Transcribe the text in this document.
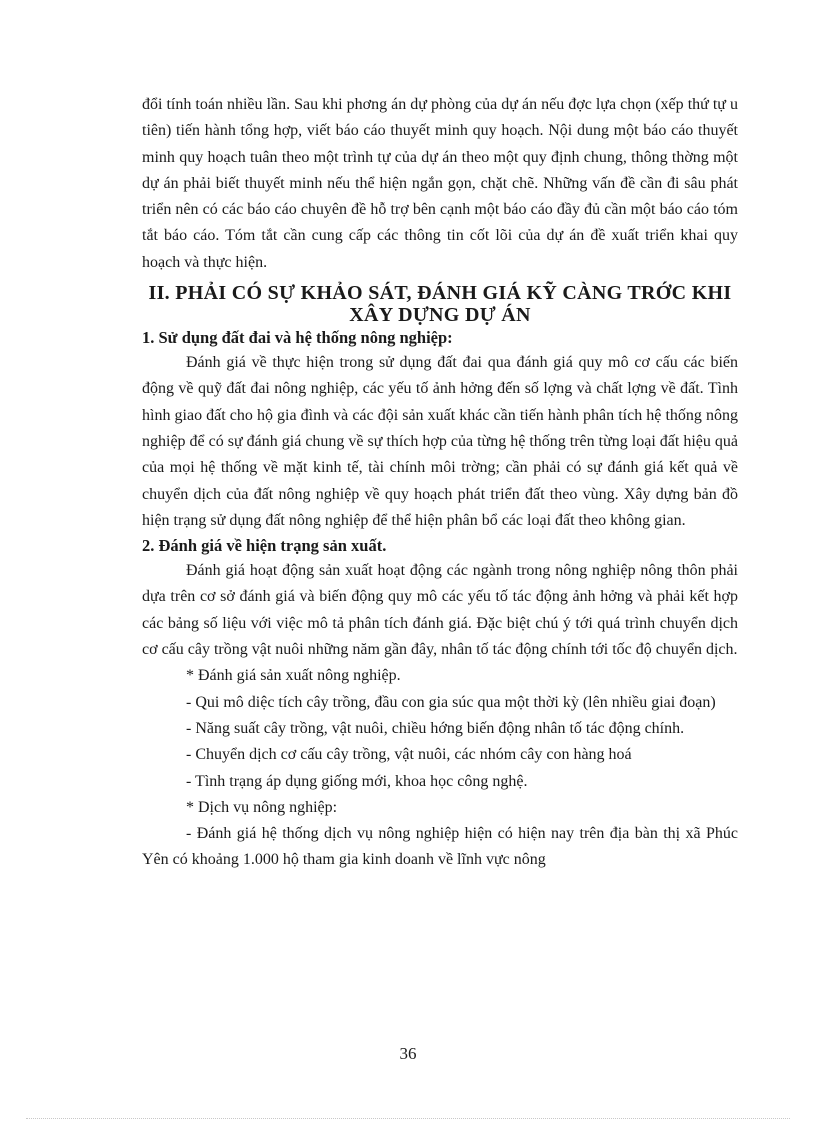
đổi tính toán nhiều lần. Sau khi phơng án dự phòng của dự án nếu đợc lựa chọn (xếp thứ tự u tiên) tiến hành tổng hợp, viết báo cáo thuyết minh quy hoạch. Nội dung một báo cáo thuyết minh quy hoạch tuân theo một trình tự của dự án theo một quy định chung, thông thờng một dự án phải biết thuyết minh nếu thể hiện ngắn gọn, chặt chẽ. Những vấn đề cần đi sâu phát triển nên có các báo cáo chuyên đề hỗ trợ bên cạnh một báo cáo đầy đủ cần một báo cáo tóm tắt báo cáo. Tóm tắt cần cung cấp các thông tin cốt lõi của dự án đề xuất triển khai quy hoạch và thực hiện.

II. PHẢI CÓ SỰ KHẢO SÁT, ĐÁNH GIÁ KỸ CÀNG TRỚC KHI XÂY DỰNG DỰ ÁN
1. Sử dụng đất đai và hệ thống nông nghiệp:

Đánh giá về thực hiện trong sử dụng đất đai qua đánh giá quy mô cơ cấu các biến động về quỹ đất đai nông nghiệp, các yếu tố ảnh hởng đến số lợng và chất lợng về đất. Tình hình giao đất cho hộ gia đình và các đội sản xuất khác cần tiến hành phân tích hệ thống nông nghiệp để có sự đánh giá chung về sự thích hợp của từng hệ thống trên từng loại đất hiệu quả của mọi hệ thống về mặt kinh tế, tài chính môi trờng; cần phải có sự đánh giá kết quả về chuyển dịch của đất nông nghiệp về quy hoạch phát triển đất theo vùng. Xây dựng bản đồ hiện trạng sử dụng đất nông nghiệp để thể hiện phân bổ các loại đất theo không gian.

2. Đánh giá về hiện trạng sản xuất.

Đánh giá hoạt động sản xuất hoạt động các ngành trong nông nghiệp nông thôn phải dựa trên cơ sở đánh giá và biến động quy mô các yếu tố tác động ảnh hởng và phải kết hợp các bảng số liệu với việc mô tả phân tích đánh giá. Đặc biệt chú ý tới quá trình chuyển dịch cơ cấu cây trồng vật nuôi những năm gần đây, nhân tố tác động chính tới tốc độ chuyển dịch.

* Đánh giá sản xuất nông nghiệp.

- Qui mô diệc tích cây trồng, đầu con gia súc qua một thời kỳ (lên nhiều giai đoạn)

- Năng suất cây trồng, vật nuôi, chiều hớng biến động nhân tố tác động chính.

- Chuyển dịch cơ cấu cây trồng, vật nuôi, các nhóm cây con hàng hoá

- Tình trạng áp dụng giống mới, khoa học công nghệ.

* Dịch vụ nông nghiệp:

- Đánh giá hệ thống dịch vụ nông nghiệp hiện có hiện nay trên địa bàn thị xã Phúc Yên có khoảng 1.000 hộ tham gia kinh doanh về lĩnh vực nông

36
